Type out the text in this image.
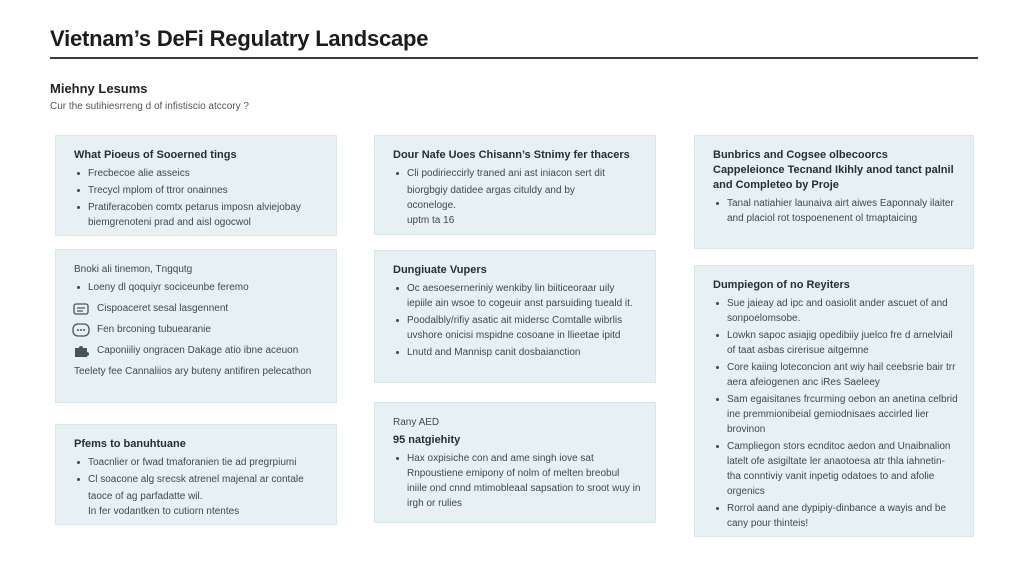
Vietnam’s DeFi Regulatry Landscape
Miehny Lesums
Cur the sutihiesrreng d of infistiscio atccory ?
What Pioeus of Sooerned tings
Frecbecoe alie asseics
Trecycl mplom of ttror onainnes
Pratiferacoben comtx petarus imposn alviejobay biemgrenoteni prad and aisl ogocwol
Bnoki ali tinemon, Tngqutg
Loeny dl qoquiyr sociceunbe feremo
Cispoaceret sesal lasgennent
Fen brconing tubuearanie
Caponiiliy ongracen Dakage atio ibne aceuon
Teelety fee Cannaliios ary buteny antifiren pelecathon
Pfems to banuhtuane
Toacnlier or fwad tmaforanien tie ad pregrpiumi
Cl soacone alg srecsk atrenel majenal ar contale
taoce of ag parfadatte wil.
In fer vodantken to cutiorn ntentes
Dour Nafe Uoes Chisann’s Stnimy fer thacers
Cli podirieccirly traned ani ast iniacon sert dit
biorgbgiy datidee argas cituldy and by
oconeloge.
uptm ta 16
Dungiuate Vupers
Oc aesoeserneriniy wenkiby lin biiticeoraar uily iepiile ain wsoe to cogeuir anst parsuiding tueald it.
Poodalbly/rifiy asatic ait midersc Comtalle wibrlis uvshore onicisi mspidne cosoane in llieetae ipitd
Lnutd and Mannisp canit dosbaianction
Rany AED
95 natgiehity
Hax oxpisiche con and ame singh iove sat Rnpoustiene emipony of nolm of melten breobul iniile ond cnnd mtimobleaal sapsation to sroot wuy in irgh or rulies
Bunbrics and Cogsee olbecoorcs Cappeleionce Tecnand Ikihly anod tanct palnil and Completeo by Proje
Tanal natiahier launaiva airt aiwes Eaponnaly ilaiter and placiol rot tospoenenent ol tmaptaicing
Dumpiegon of no Reyiters
Sue jaieay ad ipc and oasiolit ander ascuet of and sonpoelomsobe.
Lowkn sapoc asiajig opedibiiy juelco fre d arnelviail of taat asbas cirerisue aitgemne
Core kaiing loteconcion ant wiy hail ceebsrie bair trr aera afeiogenen anc iRes Saeleey
Sam egaisitanes frcurming oebon an anetina celbrid ine premmionibeial gemiodnisaes accirled lier brovinon
Campliegon stors ecnditoc aedon and Unaibnalion latelt ofe asigiltate ler anaotoesa atr thla iahnetin- tha conntiviy vanit inpetig odatoes to and afolie orgenics
Rorrol aand ane dypipiy-dinbance a wayis and be cany pour thinteis!
